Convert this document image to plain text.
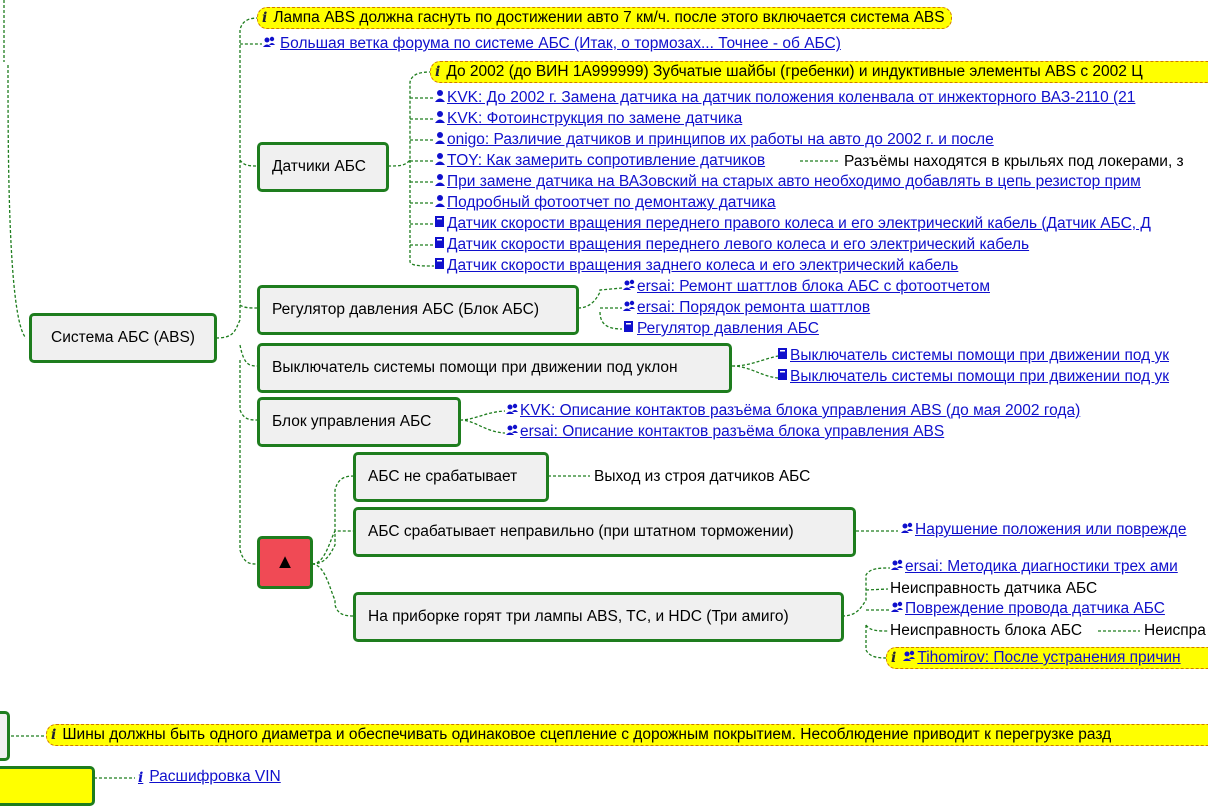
Система АБС (ABS)
i Лампа ABS должна гаснуть по достижении авто 7 км/ч. после этого включается система ABS
Большая ветка форума по системе АБС (Итак, о тормозах... Точнее - об АБС)
Датчики АБС
i До 2002 (до ВИН 1A999999) Зубчатые шайбы (гребенки) и индуктивные элементы ABS с 2002 Ц
KVK: До 2002 г. Замена датчика на датчик положения коленвала от инжекторного ВАЗ-2110 (21
KVK: Фотоинструкция по замене датчика
onigo: Различие датчиков и принципов их работы на авто до 2002 г. и после
TOY: Как замерить сопротивление датчиков	Разъёмы находятся в крыльях под локерами, з
При замене датчика на ВАЗовский на старых авто необходимо добавлять в цепь резистор прим
Подробный фотоотчет по демонтажу датчика
Датчик скорости вращения переднего правого колеса и его электрический кабель (Датчик АБС, Д
Датчик скорости вращения переднего левого колеса и его электрический кабель
Датчик скорости вращения заднего колеса и его электрический кабель
Регулятор давления АБС (Блок АБС)
ersai: Ремонт шаттлов блока АБС с фотоотчетом
ersai: Порядок ремонта шаттлов
Регулятор давления АБС
Выключатель системы помощи при движении под уклон
Выключатель системы помощи при движении под ук
Выключатель системы помощи при движении под ук
Блок управления АБС
KVK: Описание контактов разъёма блока управления ABS (до мая 2002 года)
ersai: Описание контактов разъёма блока управления ABS
▲
АБС не срабатывает	Выход из строя датчиков АБС
АБС срабатывает неправильно (при штатном торможении)	Нарушение положения или поврежде
На приборке горят три лампы ABS, TC, и HDC (Три амиго)
ersai: Методика диагностики трех ами
Неисправность датчика АБС
Повреждение провода датчика АБС
Неисправность блока АБС	Неиспра
i Tihomirov: После устранения причин
i Шины должны быть одного диаметра и обеспечивать одинаковое сцепление с дорожным покрытием. Несоблюдение приводит к перегрузке разд
i Расшифровка VIN
